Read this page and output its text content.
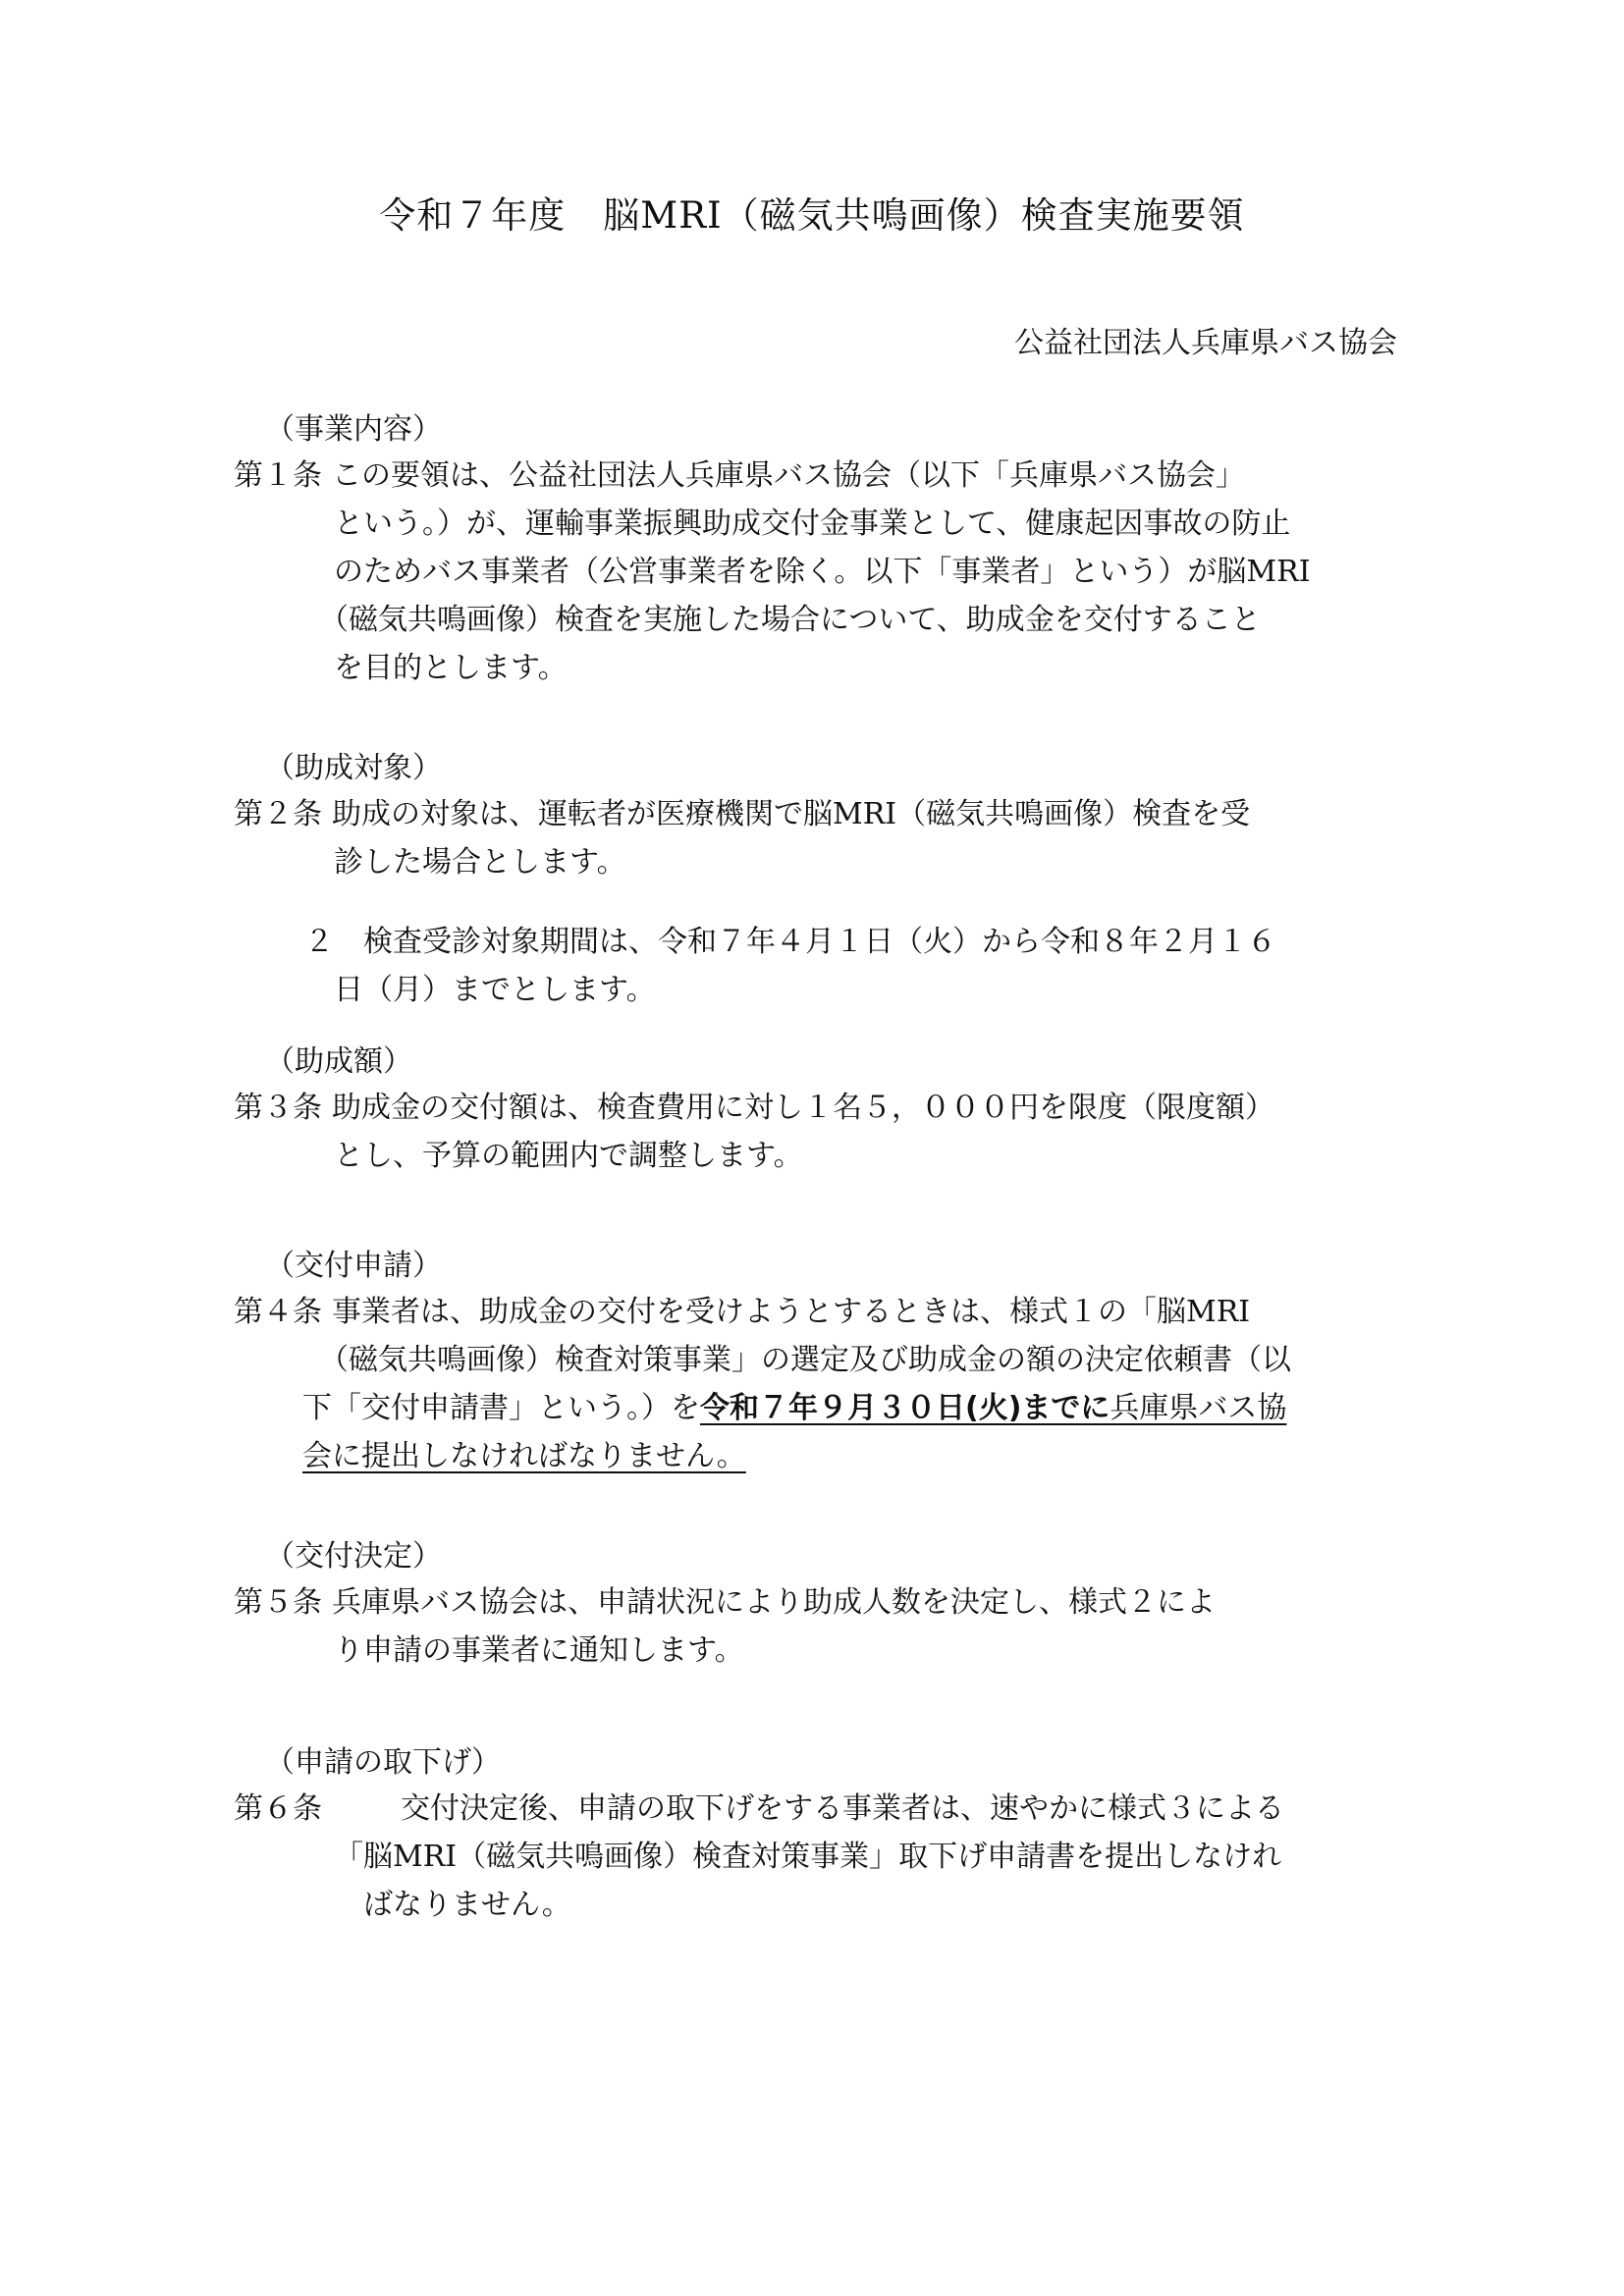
令和７年度　脳MRI（磁気共鳴画像）検査実施要領
公益社団法人兵庫県バス協会
（事業内容）
第１条 この要領は、公益社団法人兵庫県バス協会（以下「兵庫県バス協会」
という。）が、運輸事業振興助成交付金事業として、健康起因事故の防止
のためバス事業者（公営事業者を除く。以下「事業者」という）が脳MRI
（磁気共鳴画像）検査を実施した場合について、助成金を交付すること
を目的とします。
（助成対象）
第２条 助成の対象は、運転者が医療機関で脳MRI（磁気共鳴画像）検査を受
診した場合とします。
２　検査受診対象期間は、令和７年４月１日（火）から令和８年２月１６
日（月）までとします。
（助成額）
第３条 助成金の交付額は、検査費用に対し１名５，０００円を限度（限度額）
とし、予算の範囲内で調整します。
（交付申請）
第４条 事業者は、助成金の交付を受けようとするときは、様式１の「脳MRI
（磁気共鳴画像）検査対策事業」の選定及び助成金の額の決定依頼書（以
下「交付申請書」という。）を令和７年９月３０日(火)までに兵庫県バス協
会に提出しなければなりません。
（交付決定）
第５条 兵庫県バス協会は、申請状況により助成人数を決定し、様式２によ
り申請の事業者に通知します。
（申請の取下げ）
第６条	交付決定後、申請の取下げをする事業者は、速やかに様式３による
「脳MRI（磁気共鳴画像）検査対策事業」取下げ申請書を提出しなけれ
ばなりません。
